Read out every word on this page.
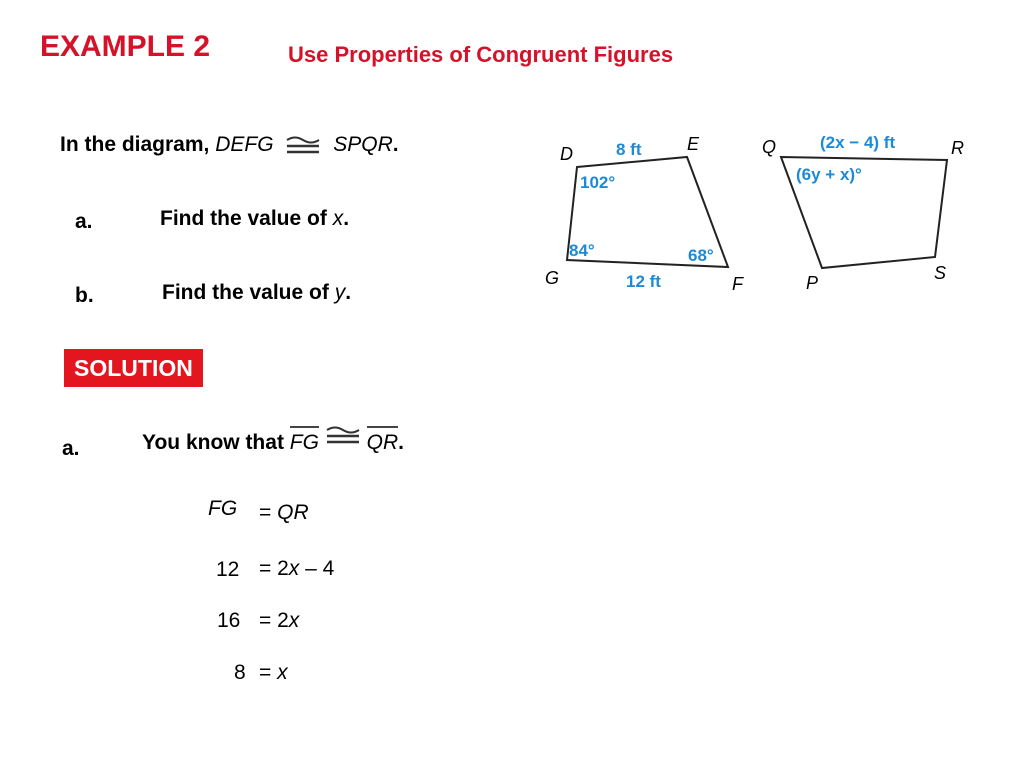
EXAMPLE 2	Use Properties of Congruent Figures
In the diagram, DEFG	SPQR.
a.	Find the value of x.
b.	Find the value of y.
D	E
F
G
8 ft
102°
84°	68°
12 ft
Q	R
S
P
(2x − 4) ft
(6y + x)°
SOLUTION
a.	You know that FG QR.
FG = QR
12 = 2x – 4
16 = 2x
8 = x
